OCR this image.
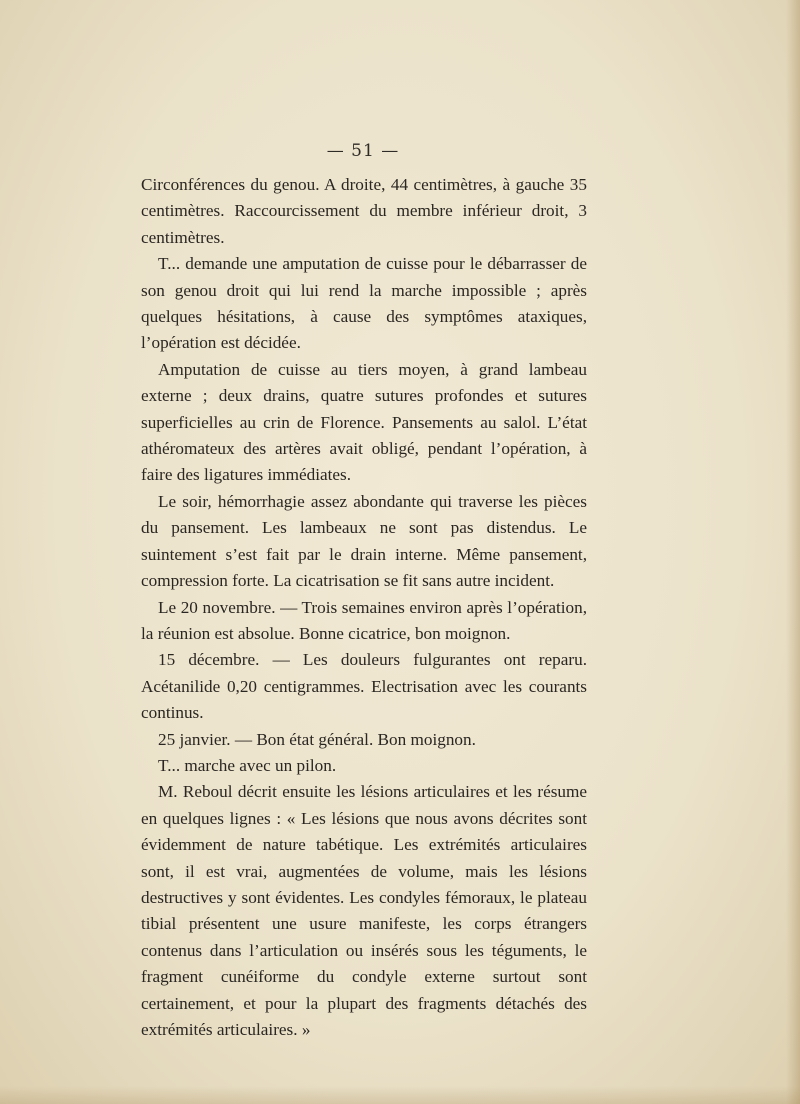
— 51 —

Circonférences du genou. A droite, 44 centimètres, à gauche 35 centimètres. Raccourcissement du membre inférieur droit, 3 centimètres.

T... demande une amputation de cuisse pour le débarrasser de son genou droit qui lui rend la marche impossible ; après quelques hésitations, à cause des symptômes ataxiques, l’opération est décidée.

Amputation de cuisse au tiers moyen, à grand lambeau externe ; deux drains, quatre sutures profondes et sutures superficielles au crin de Florence. Pansements au salol. L’état athéromateux des artères avait obligé, pendant l’opération, à faire des ligatures immédiates.

Le soir, hémorrhagie assez abondante qui traverse les pièces du pansement. Les lambeaux ne sont pas distendus. Le suintement s’est fait par le drain interne. Même pansement, compression forte. La cicatrisation se fit sans autre incident.

Le 20 novembre. — Trois semaines environ après l’opération, la réunion est absolue. Bonne cicatrice, bon moignon.

15 décembre. — Les douleurs fulgurantes ont reparu. Acétanilide 0,20 centigrammes. Electrisation avec les courants continus.

25 janvier. — Bon état général. Bon moignon.

T... marche avec un pilon.

M. Reboul décrit ensuite les lésions articulaires et les résume en quelques lignes : « Les lésions que nous avons décrites sont évidemment de nature tabétique. Les extrémités articulaires sont, il est vrai, augmentées de volume, mais les lésions destructives y sont évidentes. Les condyles fémoraux, le plateau tibial présentent une usure manifeste, les corps étrangers contenus dans l’articulation ou insérés sous les téguments, le fragment cunéiforme du condyle externe surtout sont certainement, et pour la plupart des fragments détachés des extrémités articulaires. »
